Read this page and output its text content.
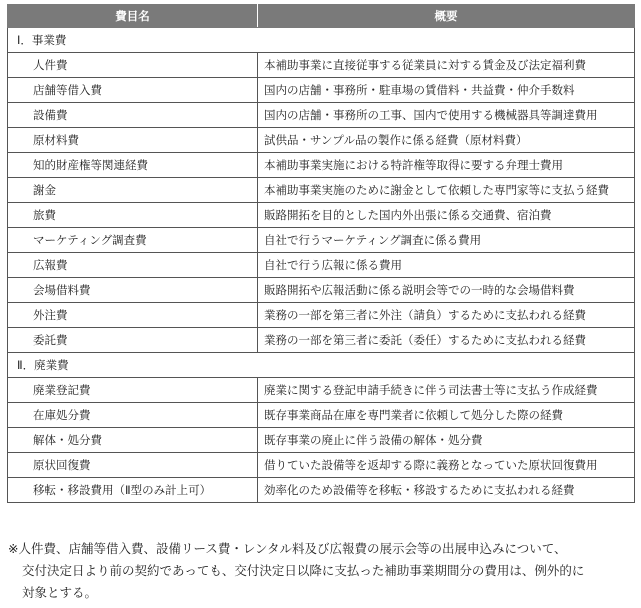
費目名	概要
Ⅰ．事業費	
人件費	本補助事業に直接従事する従業員に対する賃金及び法定福利費
店舗等借入費	国内の店舗・事務所・駐車場の賃借料・共益費・仲介手数料
設備費	国内の店舗・事務所の工事、国内で使用する機械器具等調達費用
原材料費	試供品・サンプル品の製作に係る経費（原材料費）
知的財産権等関連経費	本補助事業実施における特許権等取得に要する弁理士費用
謝金	本補助事業実施のために謝金として依頼した専門家等に支払う経費
旅費	販路開拓を目的とした国内外出張に係る交通費、宿泊費
マーケティング調査費	自社で行うマーケティング調査に係る費用
広報費	自社で行う広報に係る費用
会場借料費	販路開拓や広報活動に係る説明会等での一時的な会場借料費
外注費	業務の一部を第三者に外注（請負）するために支払われる経費
委託費	業務の一部を第三者に委託（委任）するために支払われる経費
Ⅱ．廃業費	
廃業登記費	廃業に関する登記申請手続きに伴う司法書士等に支払う作成経費
在庫処分費	既存事業商品在庫を専門業者に依頼して処分した際の経費
解体・処分費	既存事業の廃止に伴う設備の解体・処分費
原状回復費	借りていた設備等を返却する際に義務となっていた原状回復費用
移転・移設費用（Ⅱ型のみ計上可）	効率化のため設備等を移転・移設するために支払われる経費

※人件費、店舗等借入費、設備リース費・レンタル料及び広報費の展示会等の出展申込みについて、

交付決定日より前の契約であっても、交付決定日以降に支払った補助事業期間分の費用は、例外的に

対象とする。
